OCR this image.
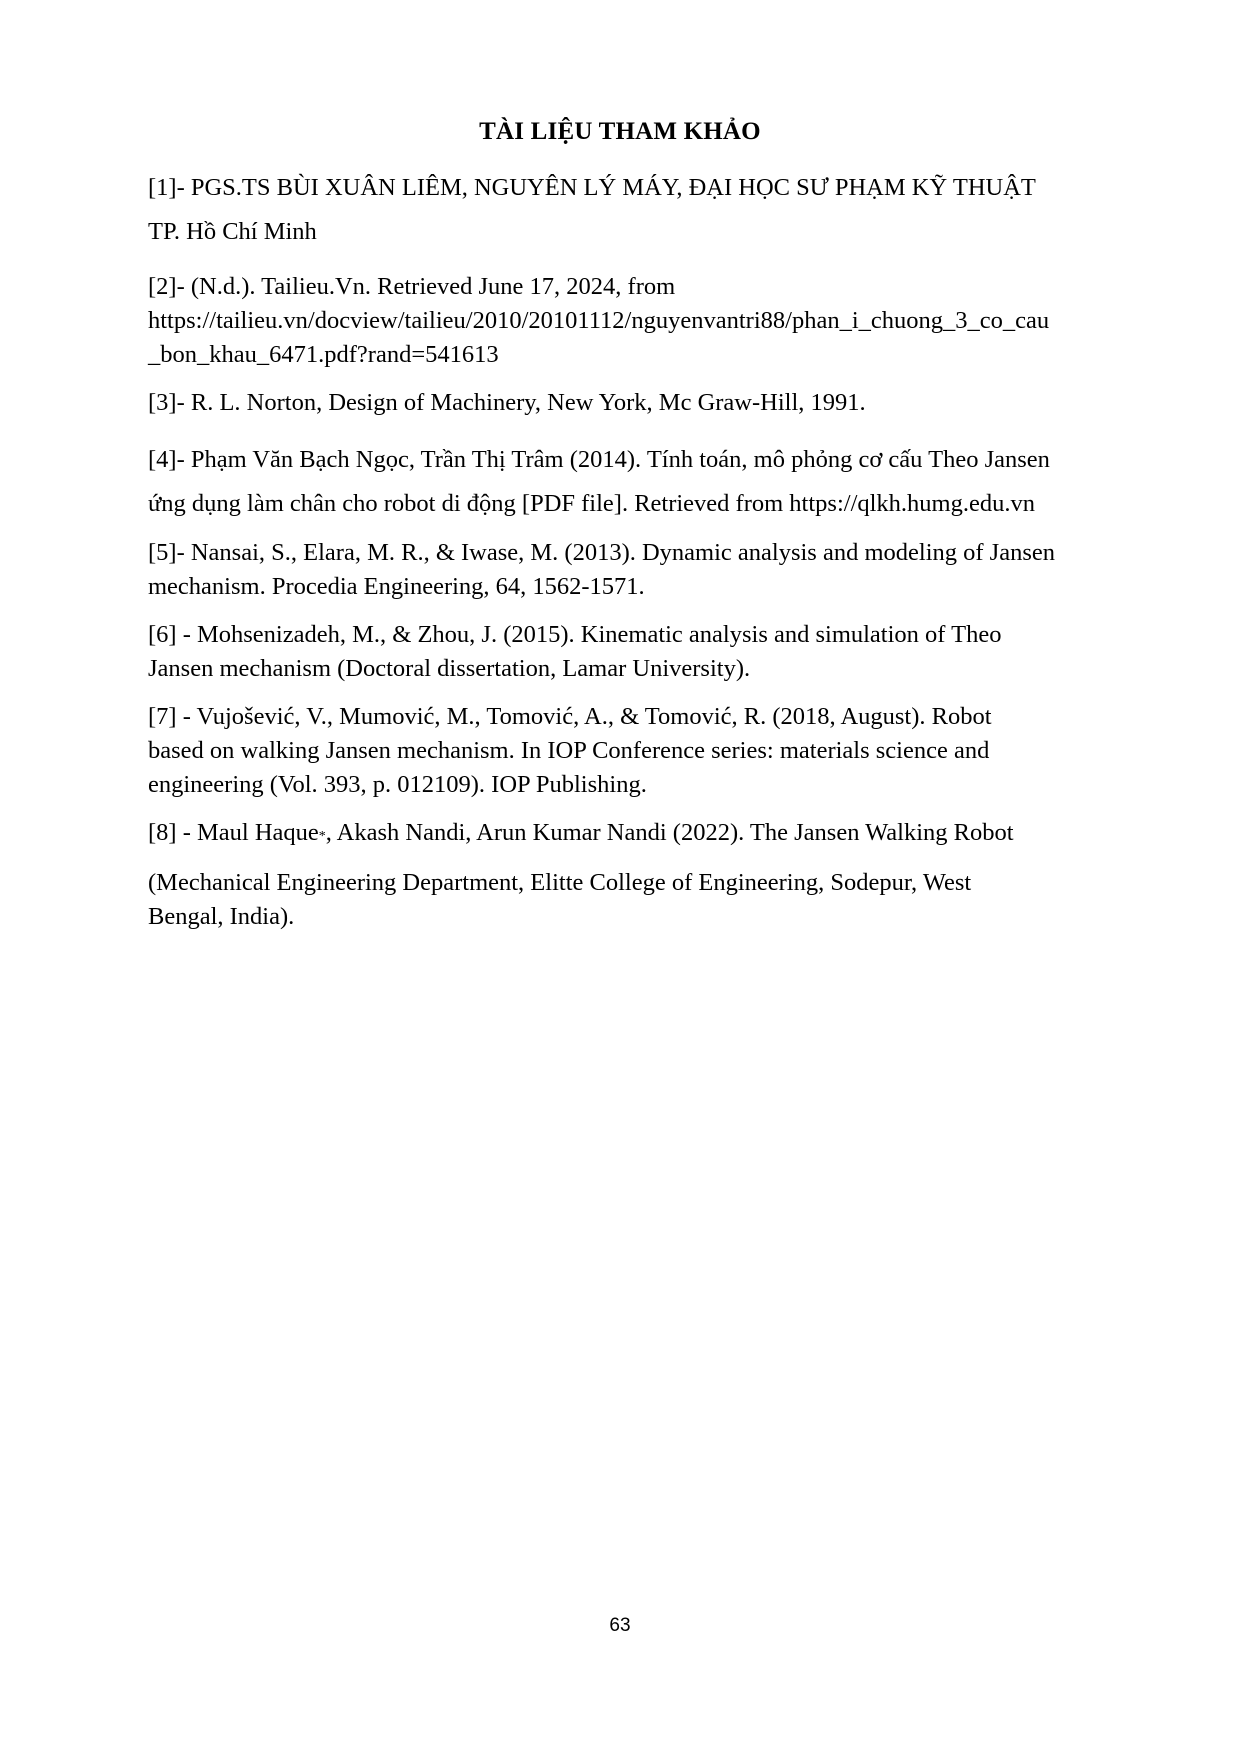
TÀI LIỆU THAM KHẢO
[1]- PGS.TS BÙI XUÂN LIÊM, NGUYÊN LÝ MÁY, ĐẠI HỌC SƯ PHẠM KỸ THUẬT
TP. Hồ Chí Minh
[2]- (N.d.). Tailieu.Vn. Retrieved June 17, 2024, from
https://tailieu.vn/docview/tailieu/2010/20101112/nguyenvantri88/phan_i_chuong_3_co_cau
_bon_khau_6471.pdf?rand=541613
[3]- R. L. Norton, Design of Machinery, New York, Mc Graw-Hill, 1991.
[4]- Phạm Văn Bạch Ngọc, Trần Thị Trâm (2014). Tính toán, mô phỏng cơ cấu Theo Jansen
ứng dụng làm chân cho robot di động [PDF file]. Retrieved from https://qlkh.humg.edu.vn
[5]- Nansai, S., Elara, M. R., & Iwase, M. (2013). Dynamic analysis and modeling of Jansen
mechanism. Procedia Engineering, 64, 1562-1571.
[6] - Mohsenizadeh, M., & Zhou, J. (2015). Kinematic analysis and simulation of Theo
Jansen mechanism (Doctoral dissertation, Lamar University).
[7] - Vujošević, V., Mumović, M., Tomović, A., & Tomović, R. (2018, August). Robot
based on walking Jansen mechanism. In IOP Conference series: materials science and
engineering (Vol. 393, p. 012109). IOP Publishing.
[8] - Maul Haque*, Akash Nandi, Arun Kumar Nandi (2022). The Jansen Walking Robot
(Mechanical Engineering Department, Elitte College of Engineering, Sodepur, West
Bengal, India).
63
